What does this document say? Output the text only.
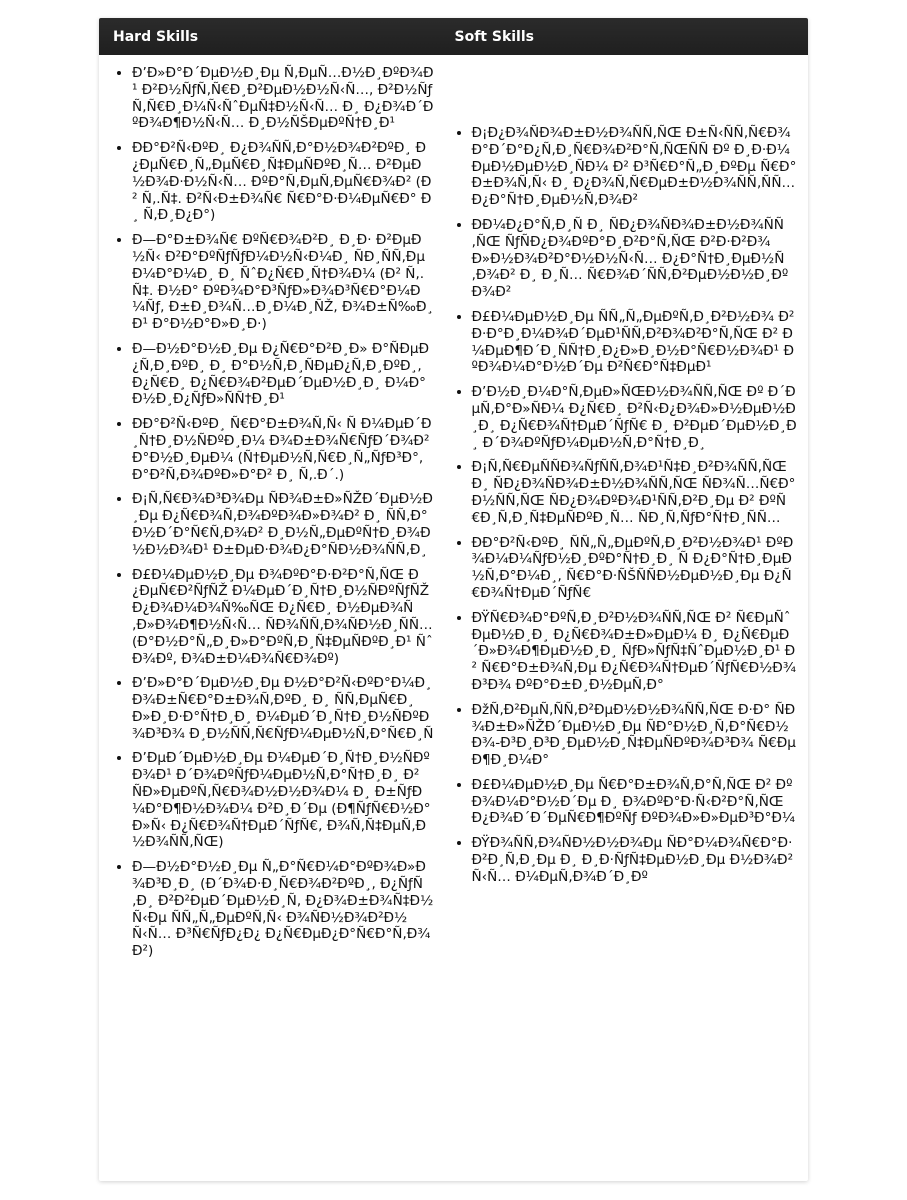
Hard Skills	Soft Skills
• Ð’Ð»Ð°Ð´ÐµÐ½Ð¸Ðµ Ñ‚ÐµÑ…Ð½Ð¸ÐºÐ¾Ð¹ Ð²Ð½ÑƒÑ‚Ñ€Ð¸Ð²ÐµÐ½Ð½Ñ‹Ñ…, Ð²Ð½ÑƒÑ‚Ñ€Ð¸Ð¼Ñ‹ÑˆÐµÑ‡Ð½Ñ‹Ñ… Ð¸ Ð¿Ð¾Ð´ÐºÐ¾Ð¶Ð½Ñ‹Ñ… Ð¸Ð½ÑŠÐµÐºÑ†Ð¸Ð¹
• ÐÐ°Ð²Ñ‹ÐºÐ¸ Ð¿Ð¾ÑÑ‚Ð°Ð½Ð¾Ð²ÐºÐ¸ Ð¿ÐµÑ€Ð¸Ñ„ÐµÑ€Ð¸Ñ‡ÐµÑÐºÐ¸Ñ… Ð²ÐµÐ½Ð¾Ð·Ð½Ñ‹Ñ… ÐºÐ°Ñ‚ÐµÑ‚ÐµÑ€Ð¾Ð² (Ð² Ñ‚.Ñ‡. Ð²Ñ‹Ð±Ð¾Ñ€ Ñ€Ð°Ð·Ð¼ÐµÑ€Ð° Ð¸ Ñ‚Ð¸Ð¿Ð°)
• Ð—Ð°Ð±Ð¾Ñ€ ÐºÑ€Ð¾Ð²Ð¸ Ð¸Ð· Ð²ÐµÐ½Ñ‹ Ð²Ð°ÐºÑƒÑƒÐ¼Ð½Ñ‹Ð¼Ð¸ ÑÐ¸ÑÑ‚ÐµÐ¼Ð°Ð¼Ð¸ Ð¸ ÑˆÐ¿Ñ€Ð¸Ñ†Ð¾Ð¼ (Ð² Ñ‚.Ñ‡. Ð½Ð° ÐºÐ¾Ð°Ð³ÑƒÐ»Ð¾Ð³Ñ€Ð°Ð¼Ð¼Ñƒ, Ð±Ð¸Ð¾Ñ…Ð¸Ð¼Ð¸ÑŽ, Ð¾Ð±Ñ‰Ð¸Ð¹ Ð°Ð½Ð°Ð»Ð¸Ð·)
• Ð—Ð½Ð°Ð½Ð¸Ðµ Ð¿Ñ€Ð°Ð²Ð¸Ð» Ð°ÑÐµÐ¿Ñ‚Ð¸ÐºÐ¸ Ð¸ Ð°Ð½Ñ‚Ð¸ÑÐµÐ¿Ñ‚Ð¸ÐºÐ¸, Ð¿Ñ€Ð¸ Ð¿Ñ€Ð¾Ð²ÐµÐ´ÐµÐ½Ð¸Ð¸ Ð¼Ð°Ð½Ð¸Ð¿ÑƒÐ»ÑÑ†Ð¸Ð¹
• ÐÐ°Ð²Ñ‹ÐºÐ¸ Ñ€Ð°Ð±Ð¾Ñ‚Ñ‹ Ñ Ð¼ÐµÐ´Ð¸Ñ†Ð¸Ð½ÑÐºÐ¸Ð¼ Ð¾Ð±Ð¾Ñ€ÑƒÐ´Ð¾Ð²Ð°Ð½Ð¸ÐµÐ¼ (Ñ†ÐµÐ½Ñ‚Ñ€Ð¸Ñ„ÑƒÐ³Ð°, Ð°Ð²Ñ‚Ð¾ÐºÐ»Ð°Ð² Ð¸ Ñ‚.Ð´.)
• Ð¡Ñ‚Ñ€Ð¾Ð³Ð¾Ðµ ÑÐ¾Ð±Ð»ÑŽÐ´ÐµÐ½Ð¸Ðµ Ð¿Ñ€Ð¾Ñ‚Ð¾ÐºÐ¾Ð»Ð¾Ð² Ð¸ ÑÑ‚Ð°Ð½Ð´Ð°Ñ€Ñ‚Ð¾Ð² Ð¸Ð½Ñ„ÐµÐºÑ†Ð¸Ð¾Ð½Ð½Ð¾Ð¹ Ð±ÐµÐ·Ð¾Ð¿Ð°ÑÐ½Ð¾ÑÑ‚Ð¸
• Ð£Ð¼ÐµÐ½Ð¸Ðµ Ð¾ÐºÐ°Ð·Ð²Ð°Ñ‚ÑŒ Ð¿ÐµÑ€Ð²ÑƒÑŽ Ð¼ÐµÐ´Ð¸Ñ†Ð¸Ð½ÑÐºÑƒÑŽ Ð¿Ð¾Ð¼Ð¾Ñ‰ÑŒ Ð¿Ñ€Ð¸ Ð½ÐµÐ¾Ñ‚Ð»Ð¾Ð¶Ð½Ñ‹Ñ… ÑÐ¾ÑÑ‚Ð¾ÑÐ½Ð¸ÑÑ… (Ð°Ð½Ð°Ñ„Ð¸Ð»Ð°ÐºÑ‚Ð¸Ñ‡ÐµÑÐºÐ¸Ð¹ ÑˆÐ¾Ðº, Ð¾Ð±Ð¼Ð¾Ñ€Ð¾Ðº)
• Ð’Ð»Ð°Ð´ÐµÐ½Ð¸Ðµ Ð½Ð°Ð²Ñ‹ÐºÐ°Ð¼Ð¸ Ð¾Ð±Ñ€Ð°Ð±Ð¾Ñ‚ÐºÐ¸ Ð¸ ÑÑ‚ÐµÑ€Ð¸Ð»Ð¸Ð·Ð°Ñ†Ð¸Ð¸ Ð¼ÐµÐ´Ð¸Ñ†Ð¸Ð½ÑÐºÐ¾Ð³Ð¾ Ð¸Ð½ÑÑ‚Ñ€ÑƒÐ¼ÐµÐ½Ñ‚Ð°Ñ€Ð¸Ñ
• Ð’ÐµÐ´ÐµÐ½Ð¸Ðµ Ð¼ÐµÐ´Ð¸Ñ†Ð¸Ð½ÑÐºÐ¾Ð¹ Ð´Ð¾ÐºÑƒÐ¼ÐµÐ½Ñ‚Ð°Ñ†Ð¸Ð¸ Ð² ÑÐ»ÐµÐºÑ‚Ñ€Ð¾Ð½Ð½Ð¾Ð¼ Ð¸ Ð±ÑƒÐ¼Ð°Ð¶Ð½Ð¾Ð¼ Ð²Ð¸Ð´Ðµ (Ð¶ÑƒÑ€Ð½Ð°Ð»Ñ‹ Ð¿Ñ€Ð¾Ñ†ÐµÐ´ÑƒÑ€, Ð¾Ñ‚Ñ‡ÐµÑ‚Ð½Ð¾ÑÑ‚ÑŒ)
• Ð—Ð½Ð°Ð½Ð¸Ðµ Ñ„Ð°Ñ€Ð¼Ð°ÐºÐ¾Ð»Ð¾Ð³Ð¸Ð¸ (Ð´Ð¾Ð·Ð¸Ñ€Ð¾Ð²ÐºÐ¸, Ð¿ÑƒÑ‚Ð¸ Ð²Ð²ÐµÐ´ÐµÐ½Ð¸Ñ, Ð¿Ð¾Ð±Ð¾Ñ‡Ð½Ñ‹Ðµ ÑÑ„Ñ„ÐµÐºÑ‚Ñ‹ Ð¾ÑÐ½Ð¾Ð²Ð½Ñ‹Ñ… Ð³Ñ€ÑƒÐ¿Ð¿ Ð¿Ñ€ÐµÐ¿Ð°Ñ€Ð°Ñ‚Ð¾Ð²)
• Ð¡Ð¿Ð¾ÑÐ¾Ð±Ð½Ð¾ÑÑ‚ÑŒ Ð±Ñ‹ÑÑ‚Ñ€Ð¾ Ð°Ð´Ð°Ð¿Ñ‚Ð¸Ñ€Ð¾Ð²Ð°Ñ‚ÑŒÑÑ Ðº Ð¸Ð·Ð¼ÐµÐ½ÐµÐ½Ð¸ÑÐ¼ Ð² Ð³Ñ€Ð°Ñ„Ð¸ÐºÐµ Ñ€Ð°Ð±Ð¾Ñ‚Ñ‹ Ð¸ Ð¿Ð¾Ñ‚Ñ€ÐµÐ±Ð½Ð¾ÑÑ‚ÑÑ… Ð¿Ð°Ñ†Ð¸ÐµÐ½Ñ‚Ð¾Ð²
• ÐÐ¼Ð¿Ð°Ñ‚Ð¸Ñ Ð¸ ÑÐ¿Ð¾ÑÐ¾Ð±Ð½Ð¾ÑÑ‚ÑŒ ÑƒÑÐ¿Ð¾ÐºÐ°Ð¸Ð²Ð°Ñ‚ÑŒ Ð²Ð·Ð²Ð¾Ð»Ð½Ð¾Ð²Ð°Ð½Ð½Ñ‹Ñ… Ð¿Ð°Ñ†Ð¸ÐµÐ½Ñ‚Ð¾Ð² Ð¸ Ð¸Ñ… Ñ€Ð¾Ð´ÑÑ‚Ð²ÐµÐ½Ð½Ð¸ÐºÐ¾Ð²
• Ð£Ð¼ÐµÐ½Ð¸Ðµ ÑÑ„Ñ„ÐµÐºÑ‚Ð¸Ð²Ð½Ð¾ Ð²Ð·Ð°Ð¸Ð¼Ð¾Ð´ÐµÐ¹ÑÑ‚Ð²Ð¾Ð²Ð°Ñ‚ÑŒ Ð² Ð¼ÐµÐ¶Ð´Ð¸ÑÑ†Ð¸Ð¿Ð»Ð¸Ð½Ð°Ñ€Ð½Ð¾Ð¹ ÐºÐ¾Ð¼Ð°Ð½Ð´Ðµ Ð²Ñ€Ð°Ñ‡ÐµÐ¹
• Ð’Ð½Ð¸Ð¼Ð°Ñ‚ÐµÐ»ÑŒÐ½Ð¾ÑÑ‚ÑŒ Ðº Ð´ÐµÑ‚Ð°Ð»ÑÐ¼ Ð¿Ñ€Ð¸ Ð²Ñ‹Ð¿Ð¾Ð»Ð½ÐµÐ½Ð¸Ð¸ Ð¿Ñ€Ð¾Ñ†ÐµÐ´ÑƒÑ€ Ð¸ Ð²ÐµÐ´ÐµÐ½Ð¸Ð¸ Ð´Ð¾ÐºÑƒÐ¼ÐµÐ½Ñ‚Ð°Ñ†Ð¸Ð¸
• Ð¡Ñ‚Ñ€ÐµÑÑÐ¾ÑƒÑÑ‚Ð¾Ð¹Ñ‡Ð¸Ð²Ð¾ÑÑ‚ÑŒ Ð¸ ÑÐ¿Ð¾ÑÐ¾Ð±Ð½Ð¾ÑÑ‚ÑŒ ÑÐ¾Ñ…Ñ€Ð°Ð½ÑÑ‚ÑŒ ÑÐ¿Ð¾ÐºÐ¾Ð¹ÑÑ‚Ð²Ð¸Ðµ Ð² ÐºÑ€Ð¸Ñ‚Ð¸Ñ‡ÐµÑÐºÐ¸Ñ… ÑÐ¸Ñ‚ÑƒÐ°Ñ†Ð¸ÑÑ…
• ÐÐ°Ð²Ñ‹ÐºÐ¸ ÑÑ„Ñ„ÐµÐºÑ‚Ð¸Ð²Ð½Ð¾Ð¹ ÐºÐ¾Ð¼Ð¼ÑƒÐ½Ð¸ÐºÐ°Ñ†Ð¸Ð¸ Ñ Ð¿Ð°Ñ†Ð¸ÐµÐ½Ñ‚Ð°Ð¼Ð¸, Ñ€Ð°Ð·ÑŠÑÑÐ½ÐµÐ½Ð¸Ðµ Ð¿Ñ€Ð¾Ñ†ÐµÐ´ÑƒÑ€
• ÐŸÑ€Ð¾Ð°ÐºÑ‚Ð¸Ð²Ð½Ð¾ÑÑ‚ÑŒ Ð² Ñ€ÐµÑˆÐµÐ½Ð¸Ð¸ Ð¿Ñ€Ð¾Ð±Ð»ÐµÐ¼ Ð¸ Ð¿Ñ€ÐµÐ´Ð»Ð¾Ð¶ÐµÐ½Ð¸Ð¸ ÑƒÐ»ÑƒÑ‡ÑˆÐµÐ½Ð¸Ð¹ Ð² Ñ€Ð°Ð±Ð¾Ñ‚Ðµ Ð¿Ñ€Ð¾Ñ†ÐµÐ´ÑƒÑ€Ð½Ð¾Ð³Ð¾ ÐºÐ°Ð±Ð¸Ð½ÐµÑ‚Ð°
• ÐžÑ‚Ð²ÐµÑ‚ÑÑ‚Ð²ÐµÐ½Ð½Ð¾ÑÑ‚ÑŒ Ð·Ð° ÑÐ¾Ð±Ð»ÑŽÐ´ÐµÐ½Ð¸Ðµ ÑÐ°Ð½Ð¸Ñ‚Ð°Ñ€Ð½Ð¾-Ð³Ð¸Ð³Ð¸ÐµÐ½Ð¸Ñ‡ÐµÑÐºÐ¾Ð³Ð¾ Ñ€ÐµÐ¶Ð¸Ð¼Ð°
• Ð£Ð¼ÐµÐ½Ð¸Ðµ Ñ€Ð°Ð±Ð¾Ñ‚Ð°Ñ‚ÑŒ Ð² ÐºÐ¾Ð¼Ð°Ð½Ð´Ðµ Ð¸ Ð¾ÐºÐ°Ð·Ñ‹Ð²Ð°Ñ‚ÑŒ Ð¿Ð¾Ð´Ð´ÐµÑ€Ð¶ÐºÑƒ ÐºÐ¾Ð»Ð»ÐµÐ³Ð°Ð¼
• ÐŸÐ¾ÑÑ‚Ð¾ÑÐ½Ð½Ð¾Ðµ ÑÐ°Ð¼Ð¾Ñ€Ð°Ð·Ð²Ð¸Ñ‚Ð¸Ðµ Ð¸ Ð¸Ð·ÑƒÑ‡ÐµÐ½Ð¸Ðµ Ð½Ð¾Ð²Ñ‹Ñ… Ð¼ÐµÑ‚Ð¾Ð´Ð¸Ðº
